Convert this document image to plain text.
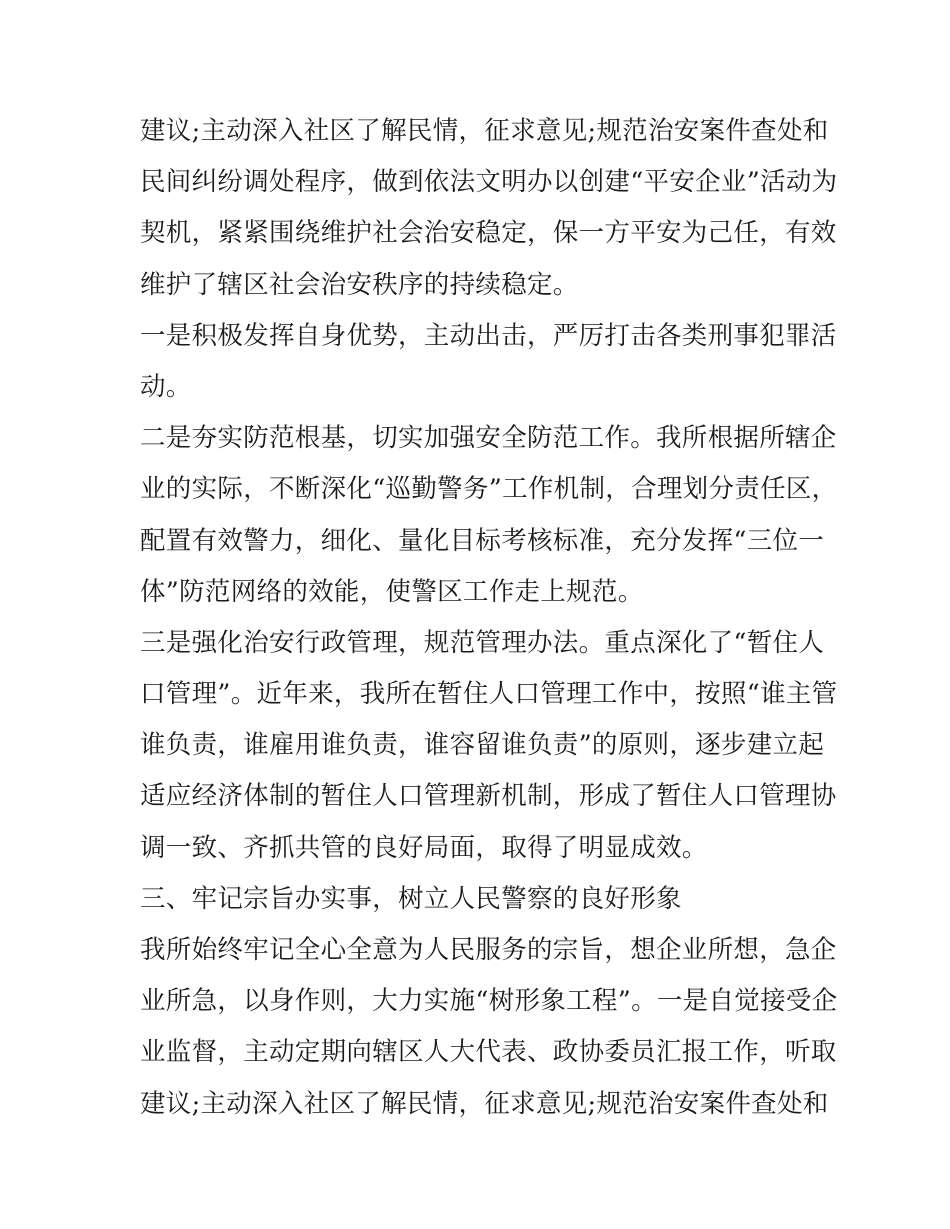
建议;主动深入社区了解民情，征求意见;规范治安案件查处和
民间纠纷调处程序，做到依法文明办以创建“平安企业”活动为
契机，紧紧围绕维护社会治安稳定，保一方平安为己任，有效
维护了辖区社会治安秩序的持续稳定。
一是积极发挥自身优势，主动出击，严厉打击各类刑事犯罪活
动。
二是夯实防范根基，切实加强安全防范工作。我所根据所辖企
业的实际，不断深化“巡勤警务”工作机制，合理划分责任区，
配置有效警力，细化、量化目标考核标准，充分发挥“三位一
体”防范网络的效能，使警区工作走上规范。
三是强化治安行政管理，规范管理办法。重点深化了“暂住人
口管理”。近年来，我所在暂住人口管理工作中，按照“谁主管
谁负责，谁雇用谁负责，谁容留谁负责”的原则，逐步建立起
适应经济体制的暂住人口管理新机制，形成了暂住人口管理协
调一致、齐抓共管的良好局面，取得了明显成效。
三、牢记宗旨办实事，树立人民警察的良好形象
我所始终牢记全心全意为人民服务的宗旨，想企业所想，急企
业所急，以身作则，大力实施“树形象工程”。一是自觉接受企
业监督，主动定期向辖区人大代表、政协委员汇报工作，听取
建议;主动深入社区了解民情，征求意见;规范治安案件查处和
